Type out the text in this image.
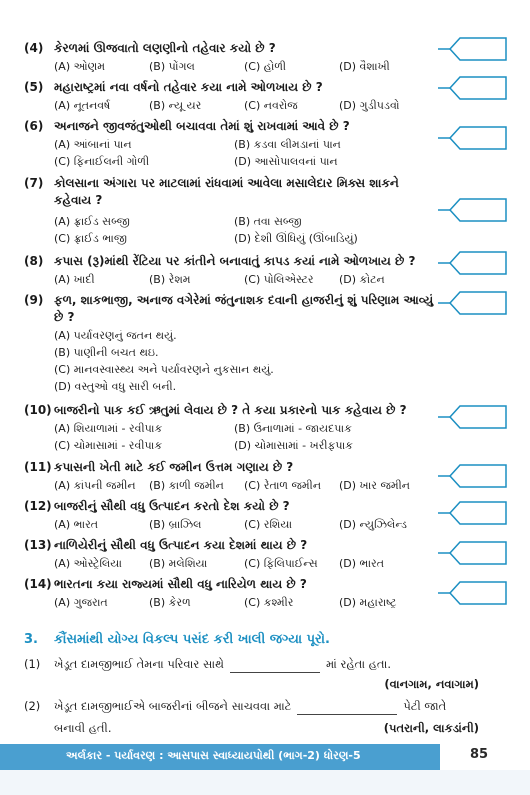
(4) કેરળમાં ઊજવાતો લણણીનો તહેવાર કયો છે ?
(A) ઓણમ	(B) પોંગલ	(C) હોળી	(D) વૈશાખી
(5) મહારાષ્ટ્રમાં નવા વર્ષનો તહેવાર કયા નામે ઓળખાય છે ?
(A) નૂતનવર્ષ	(B) ન્યૂ યર	(C) નવરોજ	(D) ગુડીપડવો
(6) અનાજને જીવજંતુઓથી બચાવવા તેમાં શું રાખવામાં આવે છે ?
(A) આંબાનાં પાન	(B) કડવા લીમડાનાં પાન
(C) ફિનાઈલની ગોળી	(D) આસોપાલવનાં પાન
(7) કોલસાના અંગારા પર માટલામાં રાંધવામાં આવેલા મસાલેદાર મિક્સ શાકને કહેવાય ?
(A) ફ્રાઈડ સબ્જી	(B) તવા સબ્જી
(C) ફ્રાઈડ ભાજી	(D) દેશી ઊંધિયું (ઊંબાડિયું)
(8) કપાસ (રૂ)માંથી રેંટિયા પર કાંતીને બનાવાતું કાપડ કયાં નામે ઓળખાય છે ?
(A) ખાદી	(B) રેશમ	(C) પોલિએસ્ટર	(D) કોટન
(9) ફળ, શાકભાજી, અનાજ વગેરેમાં જંતુનાશક દવાની હાજરીનું શું પરિણામ આવ્યું છે ?
(A) પર્યાવરણનું જતન થયું.
(B) પાણીની બચત થઇ.
(C) માનવસ્વાસ્થ્ય અને પર્યાવરણને નુકસાન થયું.
(D) વસ્તુઓ વધુ સારી બની.
(10) બાજરીનો પાક કઈ ઋતુમાં લેવાય છે ? તે કયા પ્રકારનો પાક કહેવાય છે ?
(A) શિયાળામાં - રવીપાક	(B) ઉનાળામાં - જાયદપાક
(C) ચોમાસામાં - રવીપાક	(D) ચોમાસામાં - ખરીફપાક
(11) કપાસની ખેતી માટે કઈ જમીન ઉત્તમ ગણાય છે ?
(A) કાંપની જમીન	(B) કાળી જમીન	(C) રેતાળ જમીન	(D) ખાર જમીન
(12) બાજરીનું સૌથી વધુ ઉત્પાદન કરતો દેશ કયો છે ?
(A) ભારત	(B) બ્રાઝિલ	(C) રશિયા	(D) ન્યુઝિલેન્ડ
(13) નાળિયેરીનું સૌથી વધુ ઉત્પાદન કયા દેશમાં થાય છે ?
(A) ઓસ્ટ્રેલિયા	(B) મલેશિયા	(C) ફિલિપાઈન્સ	(D) ભારત
(14) ભારતના કયા રાજ્યમાં સૌથી વધુ નારિયેળ થાય છે ?
(A) ગુજરાત	(B) કેરળ	(C) કશ્મીર	(D) મહારાષ્ટ્ર
3. કૌંસમાંથી યોગ્ય વિકલ્પ પસંદ કરી ખાલી જગ્યા પૂરો.
(1)	ખેડૂત દામજીભાઈ તેમના પરિવાર સાથે	માં રહેતા હતા.
(વાનગામ, નવાગામ)
(2)	ખેડૂત દામજીભાઈએ બાજરીનાં બીજને સાચવવા માટે	પેટી જાતે
બનાવી હતી.	(પતરાની, લાકડાંની)
અર્લકાર - પર્યાવરણ : આસપાસ સ્વાધ્યાયપોથી (ભાગ-2) ધોરણ-5	85
